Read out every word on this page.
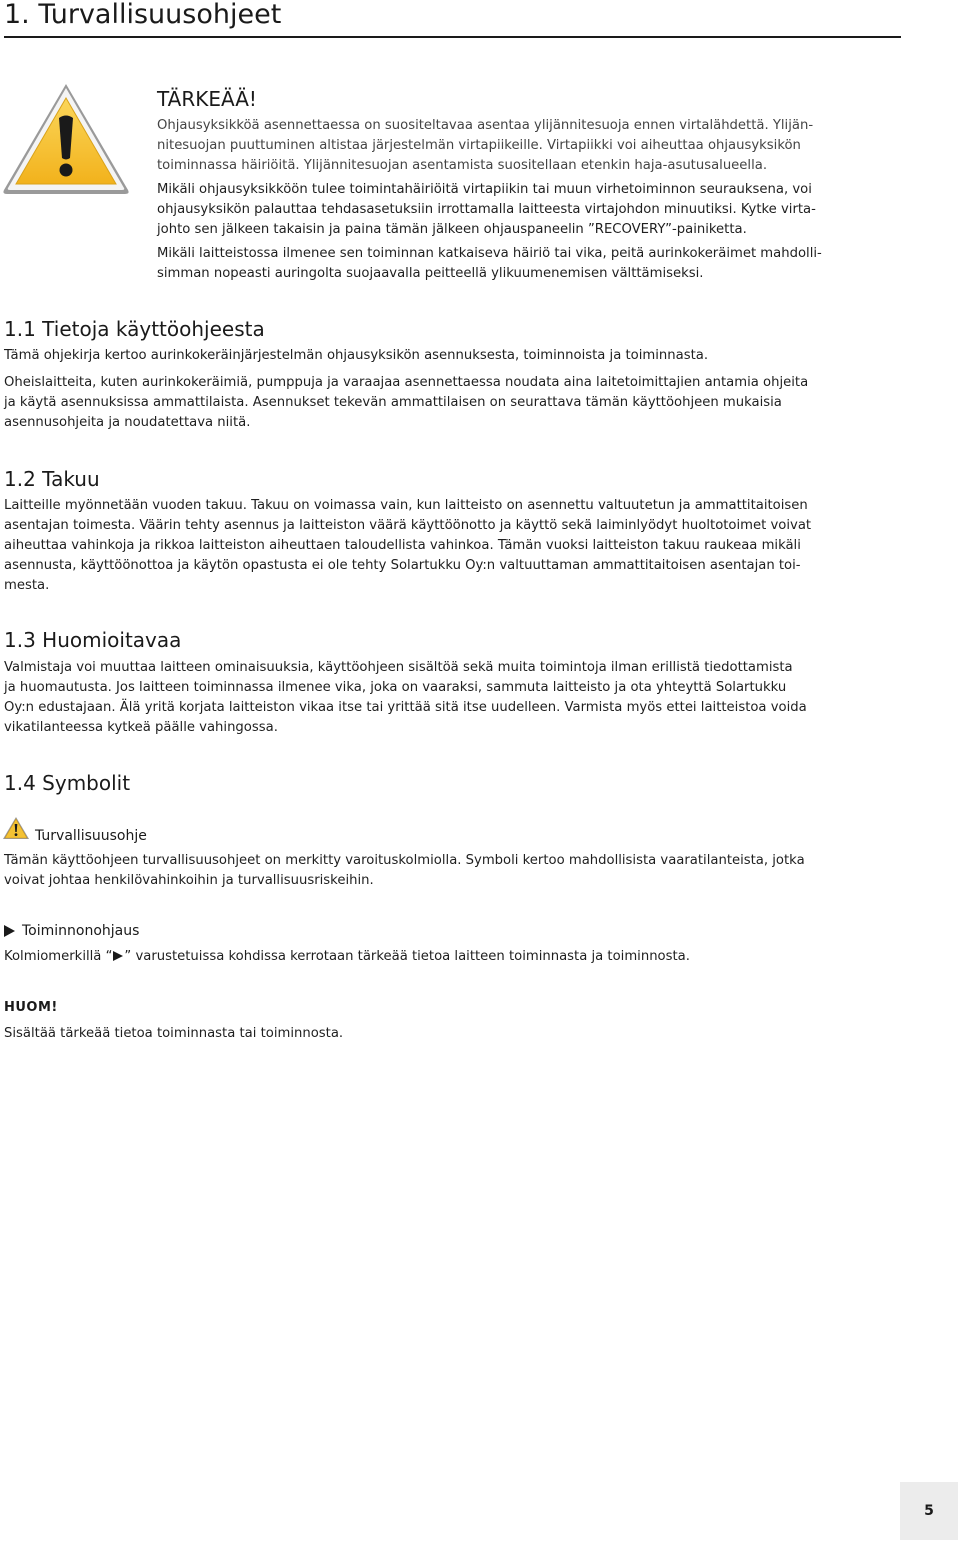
1. Turvallisuusohjeet
TÄRKEÄÄ!
Ohjausyksikköä asennettaessa on suositeltavaa asentaa ylijännitesuoja ennen virtalähdettä. Ylijän-
nitesuojan puuttuminen altistaa järjestelmän virtapiikeille. Virtapiikki voi aiheuttaa ohjausyksikön
toiminnassa häiriöitä. Ylijännitesuojan asentamista suositellaan etenkin haja-asutusalueella.
Mikäli ohjausyksikköön tulee toimintahäiriöitä virtapiikin tai muun virhetoiminnon seurauksena, voi
ohjausyksikön palauttaa tehdasasetuksiin irrottamalla laitteesta virtajohdon minuutiksi. Kytke virta-
johto sen jälkeen takaisin ja paina tämän jälkeen ohjauspaneelin ”RECOVERY”-painiketta.
Mikäli laitteistossa ilmenee sen toiminnan katkaiseva häiriö tai vika, peitä aurinkokeräimet mahdolli-
simman nopeasti auringolta suojaavalla peitteellä ylikuumenemisen välttämiseksi.
1.1 Tietoja käyttöohjeesta
Tämä ohjekirja kertoo aurinkokeräinjärjestelmän ohjausyksikön asennuksesta, toiminnoista ja toiminnasta.
Oheislaitteita, kuten aurinkokeräimiä, pumppuja ja varaajaa asennettaessa noudata aina laitetoimittajien antamia ohjeita
ja käytä asennuksissa ammattilaista. Asennukset tekevän ammattilaisen on seurattava tämän käyttöohjeen mukaisia
asennusohjeita ja noudatettava niitä.
1.2 Takuu
Laitteille myönnetään vuoden takuu. Takuu on voimassa vain, kun laitteisto on asennettu valtuutetun ja ammattitaitoisen
asentajan toimesta. Väärin tehty asennus ja laitteiston väärä käyttöönotto ja käyttö sekä laiminlyödyt huoltotoimet voivat
aiheuttaa vahinkoja ja rikkoa laitteiston aiheuttaen taloudellista vahinkoa. Tämän vuoksi laitteiston takuu raukeaa mikäli
asennusta, käyttöönottoa ja käytön opastusta ei ole tehty Solartukku Oy:n valtuuttaman ammattitaitoisen asentajan toi-
mesta.
1.3 Huomioitavaa
Valmistaja voi muuttaa laitteen ominaisuuksia, käyttöohjeen sisältöä sekä muita toimintoja ilman erillistä tiedottamista
ja huomautusta. Jos laitteen toiminnassa ilmenee vika, joka on vaaraksi, sammuta laitteisto ja ota yhteyttä Solartukku
Oy:n edustajaan. Älä yritä korjata laitteiston vikaa itse tai yrittää sitä itse uudelleen. Varmista myös ettei laitteistoa voida
vikatilanteessa kytkeä päälle vahingossa.
1.4 Symbolit
Turvallisuusohje
Tämän käyttöohjeen turvallisuusohjeet on merkitty varoituskolmiolla. Symboli kertoo mahdollisista vaaratilanteista, jotka
voivat johtaa henkilövahinkoihin ja turvallisuusriskeihin.
Toiminnonohjaus
Kolmiomerkillä “ ” varustetuissa kohdissa kerrotaan tärkeää tietoa laitteen toiminnasta ja toiminnosta.
HUOM!
Sisältää tärkeää tietoa toiminnasta tai toiminnosta.
5
